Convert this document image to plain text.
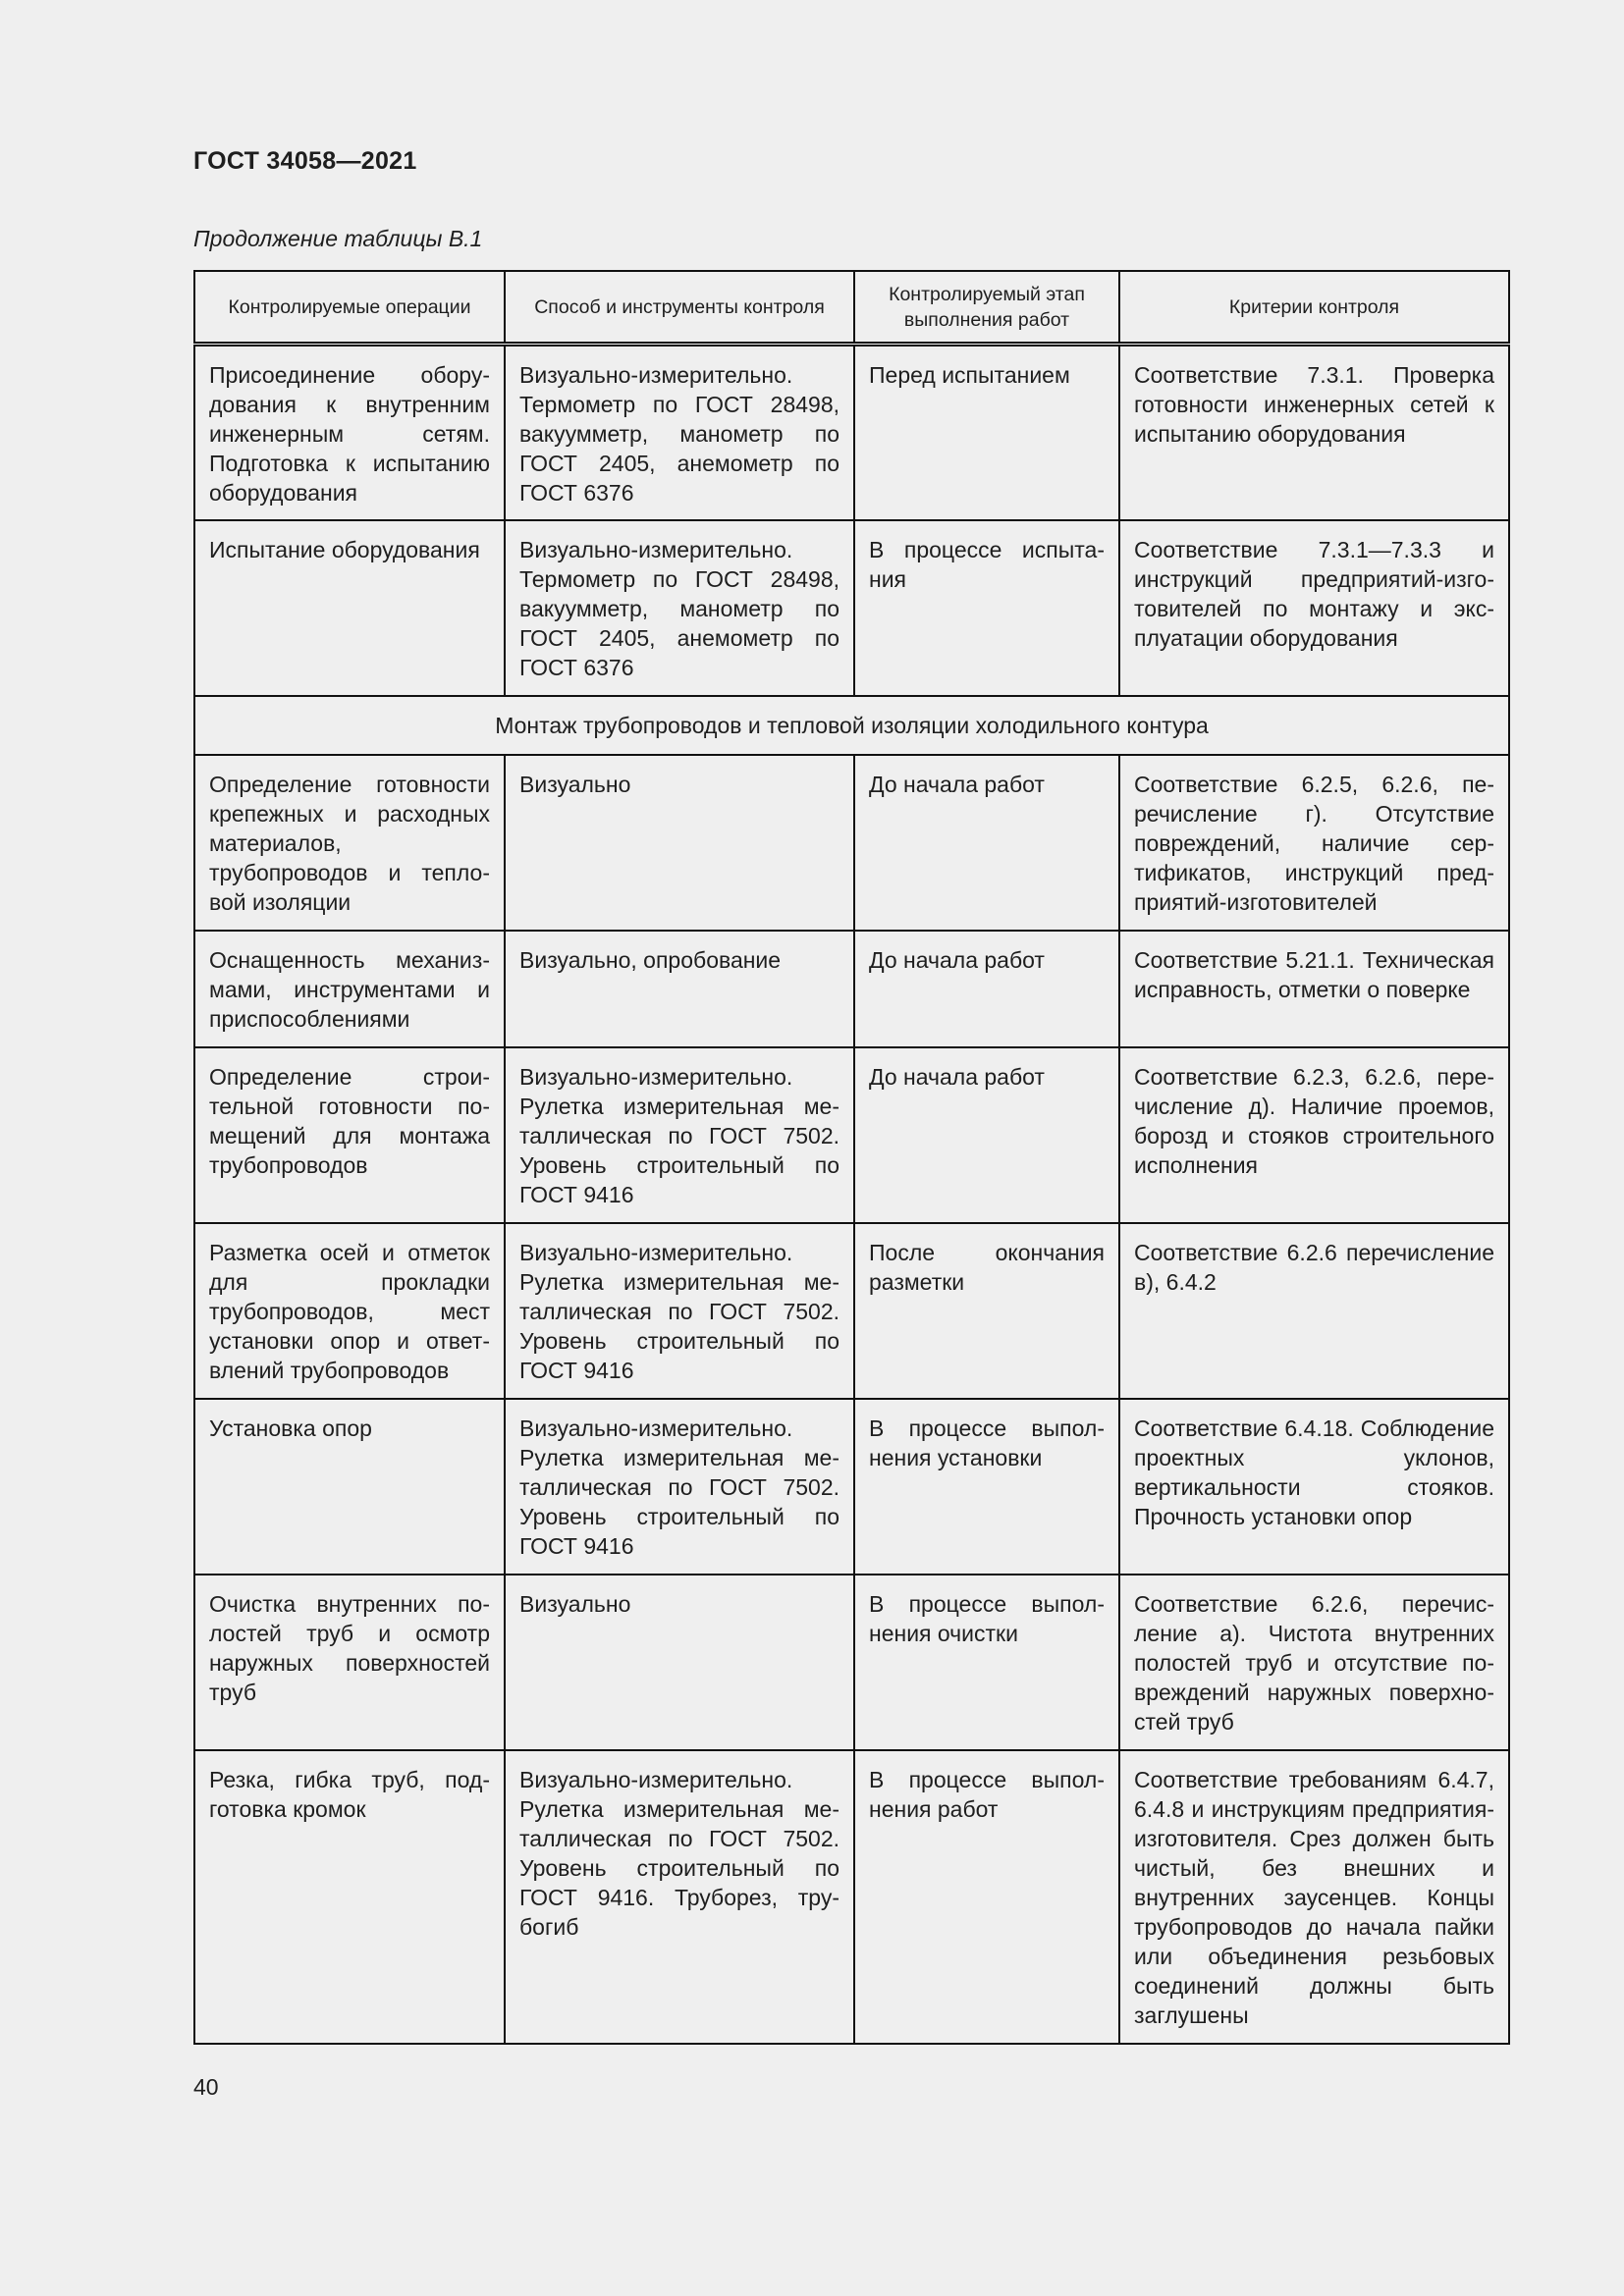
ГОСТ 34058—2021
Продолжение таблицы В.1
Контролируемые операции	Способ и инструменты контроля	Контролируемый этап выполнения работ	Критерии контроля
Присоединение оборудования к внутренним инженерным сетям. Подготовка к испытанию оборудования	Визуально-измерительно. Термометр по ГОСТ 28498, вакуумметр, манометр по ГОСТ 2405, анемометр по ГОСТ 6376	Перед испытанием	Соответствие 7.3.1. Проверка готовности инженерных сетей к испытанию оборудования
Испытание оборудования	Визуально-измерительно. Термометр по ГОСТ 28498, вакуумметр, манометр по ГОСТ 2405, анемометр по ГОСТ 6376	В процессе испытания	Соответствие 7.3.1—7.3.3 и инструкций предприятий-изготовителей по монтажу и эксплуатации оборудования
Монтаж трубопроводов и тепловой изоляции холодильного контура			
Определение готовности крепежных и расходных материалов, трубопроводов и тепловой изоляции	Визуально	До начала работ	Соответствие 6.2.5, 6.2.6, перечисление г). Отсутствие повреждений, наличие сертификатов, инструкций предприятий-изготовителей
Оснащенность механизмами, инструментами и приспособлениями	Визуально, опробование	До начала работ	Соответствие 5.21.1. Техническая исправность, отметки о поверке
Определение строительной готовности помещений для монтажа трубопроводов	Визуально-измерительно. Рулетка измерительная металлическая по ГОСТ 7502. Уровень строительный по ГОСТ 9416	До начала работ	Соответствие 6.2.3, 6.2.6, перечисление д). Наличие проемов, борозд и стояков строительного исполнения
Разметка осей и отметок для прокладки трубопроводов, мест установки опор и ответвлений трубопроводов	Визуально-измерительно. Рулетка измерительная металлическая по ГОСТ 7502. Уровень строительный по ГОСТ 9416	После окончания разметки	Соответствие 6.2.6 перечисление в), 6.4.2
Установка опор	Визуально-измерительно. Рулетка измерительная металлическая по ГОСТ 7502. Уровень строительный по ГОСТ 9416	В процессе выполнения установки	Соответствие 6.4.18. Соблюдение проектных уклонов, вертикальности стояков. Прочность установки опор
Очистка внутренних полостей труб и осмотр наружных поверхностей труб	Визуально	В процессе выполнения очистки	Соответствие 6.2.6, перечисление а). Чистота внутренних полостей труб и отсутствие повреждений наружных поверхностей труб
Резка, гибка труб, подготовка кромок	Визуально-измерительно. Рулетка измерительная металлическая по ГОСТ 7502. Уровень строительный по ГОСТ 9416. Труборез, трубогиб	В процессе выполнения работ	Соответствие требованиям 6.4.7, 6.4.8 и инструкциям предприятия-изготовителя. Срез должен быть чистый, без внешних и внутренних заусенцев. Концы трубопроводов до начала пайки или объединения резьбовых соединений должны быть заглушены
40
